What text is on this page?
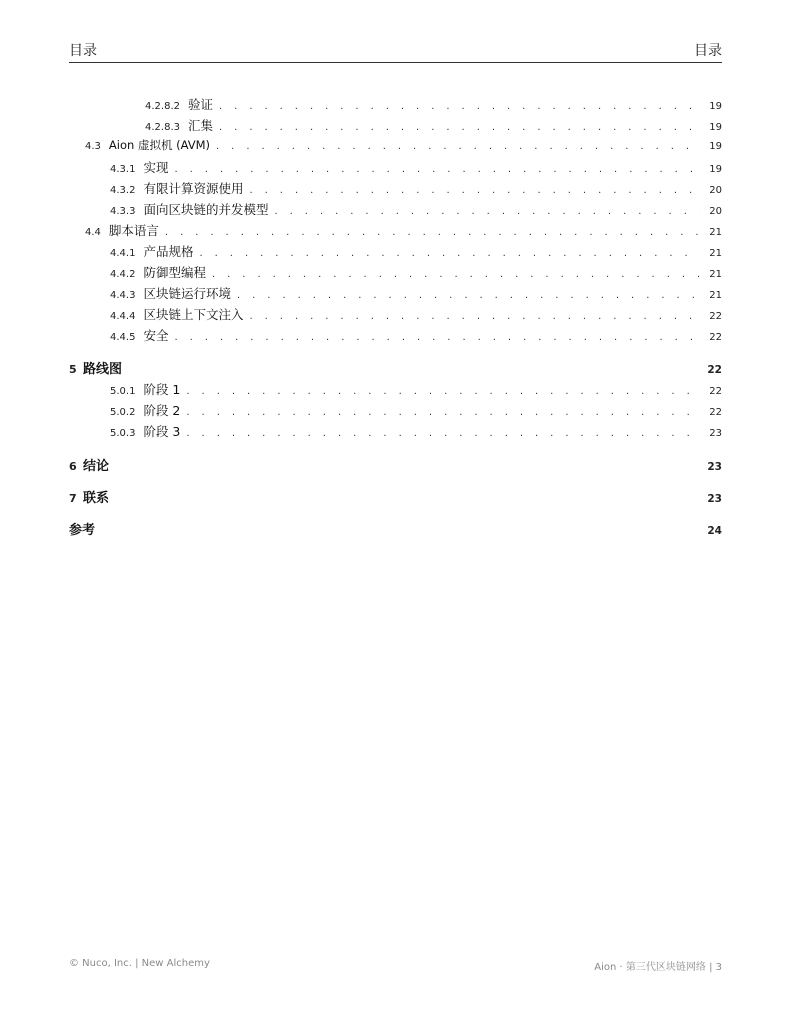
目录	目录
4.2.8.2 验证 . . .	19
4.2.8.3 汇集 . . .	19
4.3 Aion 虚拟机 (AVM) . . .	19
4.3.1 实现 . . .	19
4.3.2 有限计算资源使用 . . .	20
4.3.3 面向区块链的并发模型 . . .	20
4.4 脚本语言 . . .	21
4.4.1 产品规格 . . .	21
4.4.2 防御型编程 . . .	21
4.4.3 区块链运行环境 . . .	21
4.4.4 区块链上下文注入 . . .	22
4.4.5 安全 . . .	22
5 路线图	22
5.0.1 阶段 1 . . .	22
5.0.2 阶段 2 . . .	22
5.0.3 阶段 3 . . .	23
6 结论	23
7 联系	23
参考	24
© Nuco, Inc. | New Alchemy	Aion · 第三代区块链网络 | 3
